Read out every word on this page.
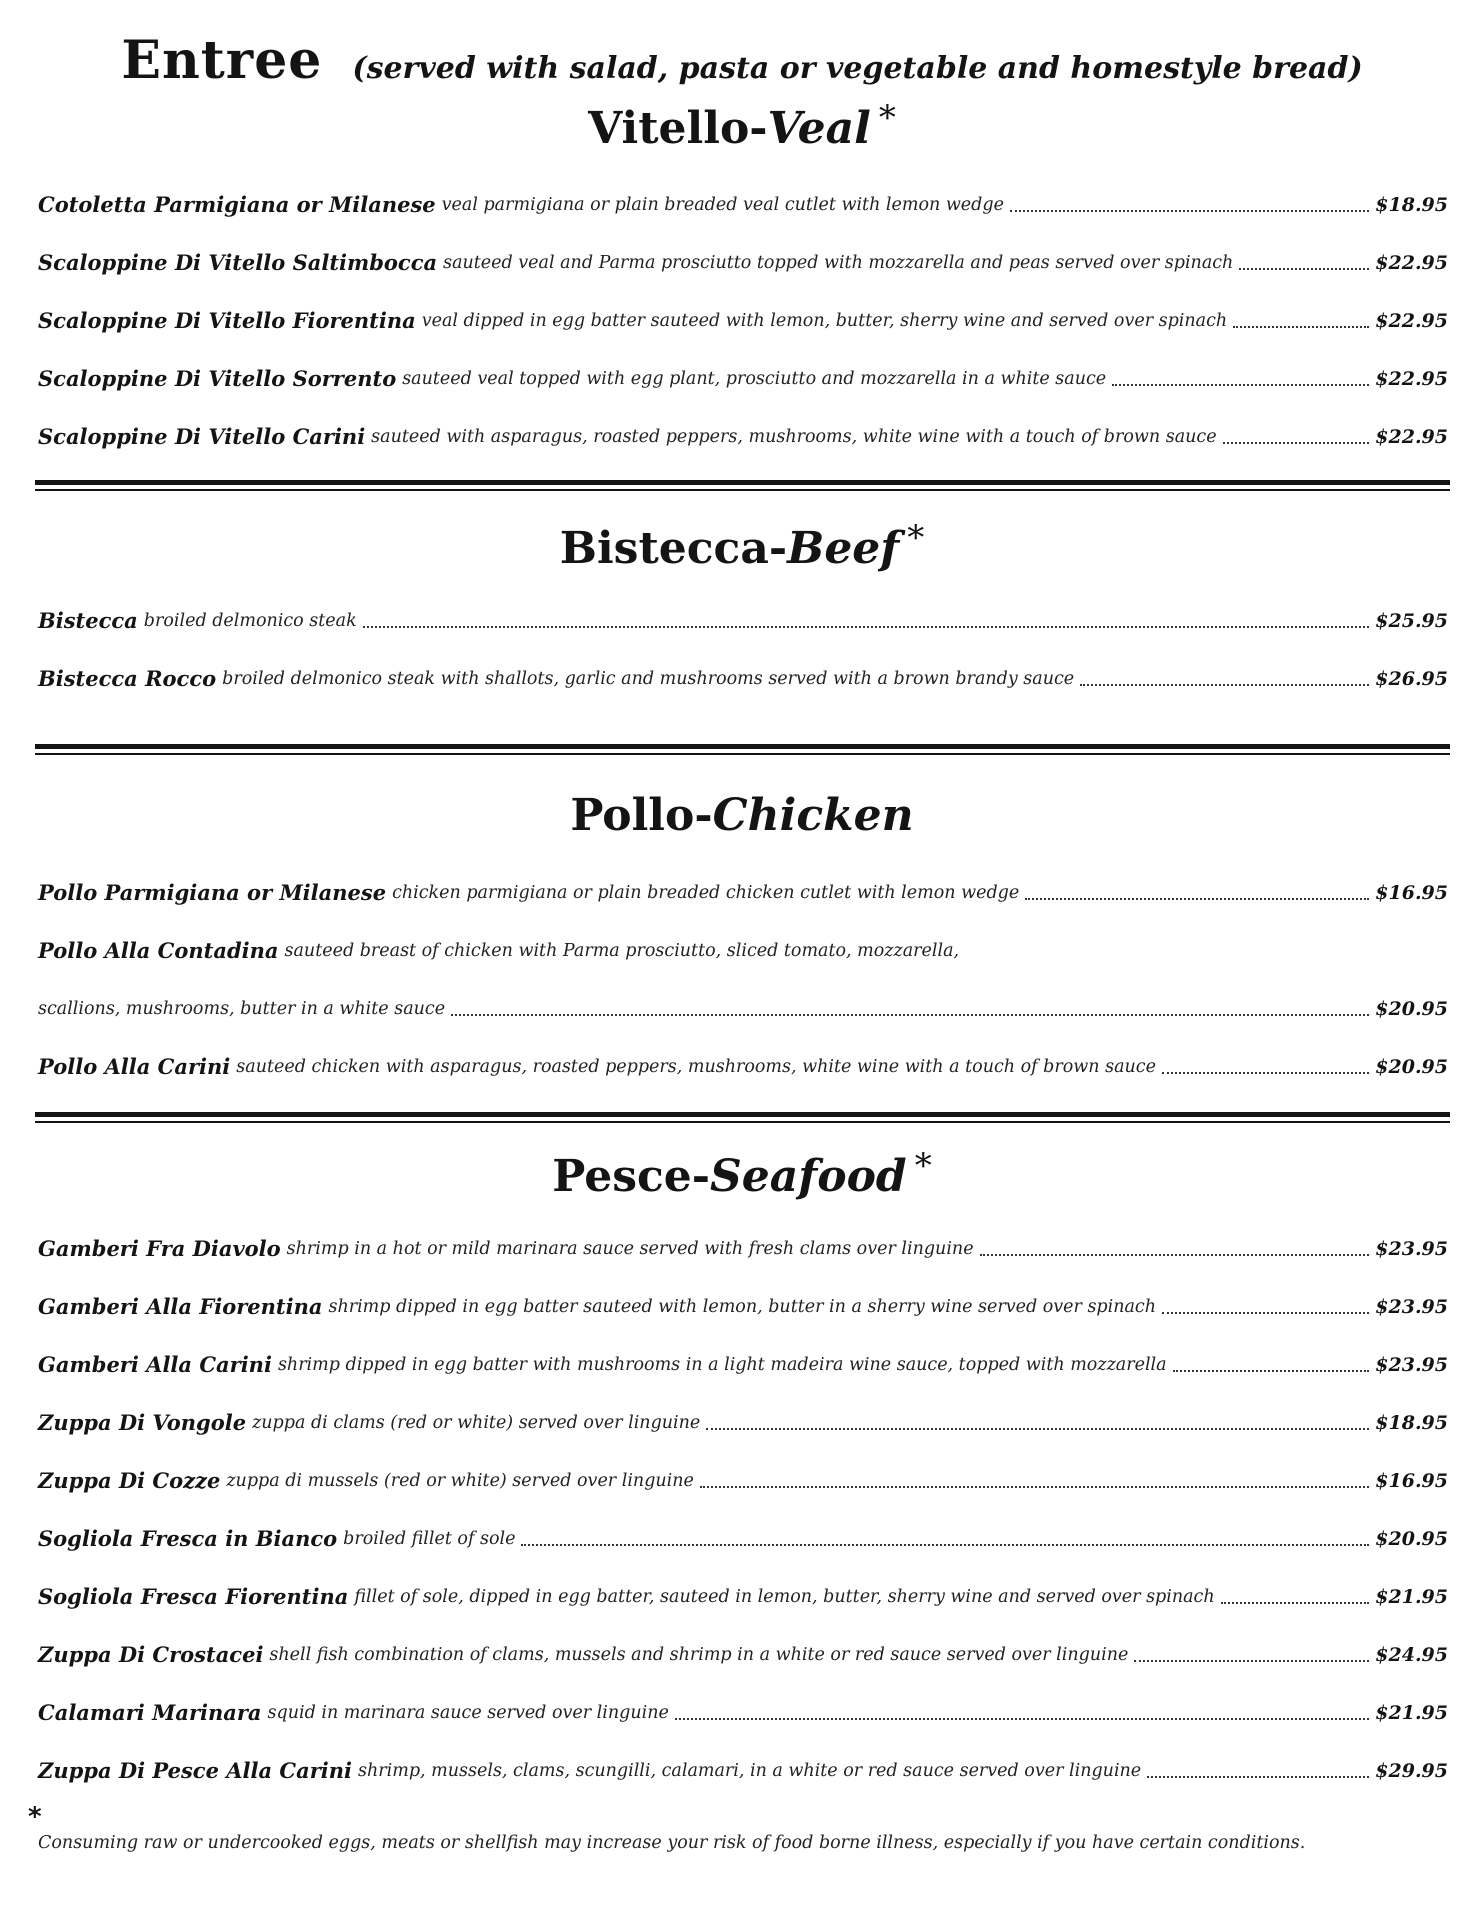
Entree (served with salad, pasta or vegetable and homestyle bread)
Vitello-Veal *
Cotoletta Parmigiana or Milanese veal parmigiana or plain breaded veal cutlet with lemon wedge	$18.95
Scaloppine Di Vitello Saltimbocca sauteed veal and Parma prosciutto topped with mozzarella and peas served over spinach	$22.95
Scaloppine Di Vitello Fiorentina veal dipped in egg batter sauteed with lemon, butter, sherry wine and served over spinach	$22.95
Scaloppine Di Vitello Sorrento sauteed veal topped with egg plant, prosciutto and mozzarella in a white sauce	$22.95
Scaloppine Di Vitello Carini sauteed with asparagus, roasted peppers, mushrooms, white wine with a touch of brown sauce	$22.95
Bistecca-Beef *
Bistecca broiled delmonico steak	$25.95
Bistecca Rocco broiled delmonico steak with shallots, garlic and mushrooms served with a brown brandy sauce	$26.95
Pollo-Chicken
Pollo Parmigiana or Milanese chicken parmigiana or plain breaded chicken cutlet with lemon wedge	$16.95
Pollo Alla Contadina sauteed breast of chicken with Parma prosciutto, sliced tomato, mozzarella,
scallions, mushrooms, butter in a white sauce	$20.95
Pollo Alla Carini sauteed chicken with asparagus, roasted peppers, mushrooms, white wine with a touch of brown sauce	$20.95
Pesce-Seafood *
Gamberi Fra Diavolo shrimp in a hot or mild marinara sauce served with fresh clams over linguine	$23.95
Gamberi Alla Fiorentina shrimp dipped in egg batter sauteed with lemon, butter in a sherry wine served over spinach	$23.95
Gamberi Alla Carini shrimp dipped in egg batter with mushrooms in a light madeira wine sauce, topped with mozzarella	$23.95
Zuppa Di Vongole zuppa di clams (red or white) served over linguine	$18.95
Zuppa Di Cozze zuppa di mussels (red or white) served over linguine	$16.95
Sogliola Fresca in Bianco broiled fillet of sole	$20.95
Sogliola Fresca Fiorentina fillet of sole, dipped in egg batter, sauteed in lemon, butter, sherry wine and served over spinach	$21.95
Zuppa Di Crostacei shell fish combination of clams, mussels and shrimp in a white or red sauce served over linguine	$24.95
Calamari Marinara squid in marinara sauce served over linguine	$21.95
Zuppa Di Pesce Alla Carini shrimp, mussels, clams, scungilli, calamari, in a white or red sauce served over linguine	$29.95
*
Consuming raw or undercooked eggs, meats or shellfish may increase your risk of food borne illness, especially if you have certain conditions.
